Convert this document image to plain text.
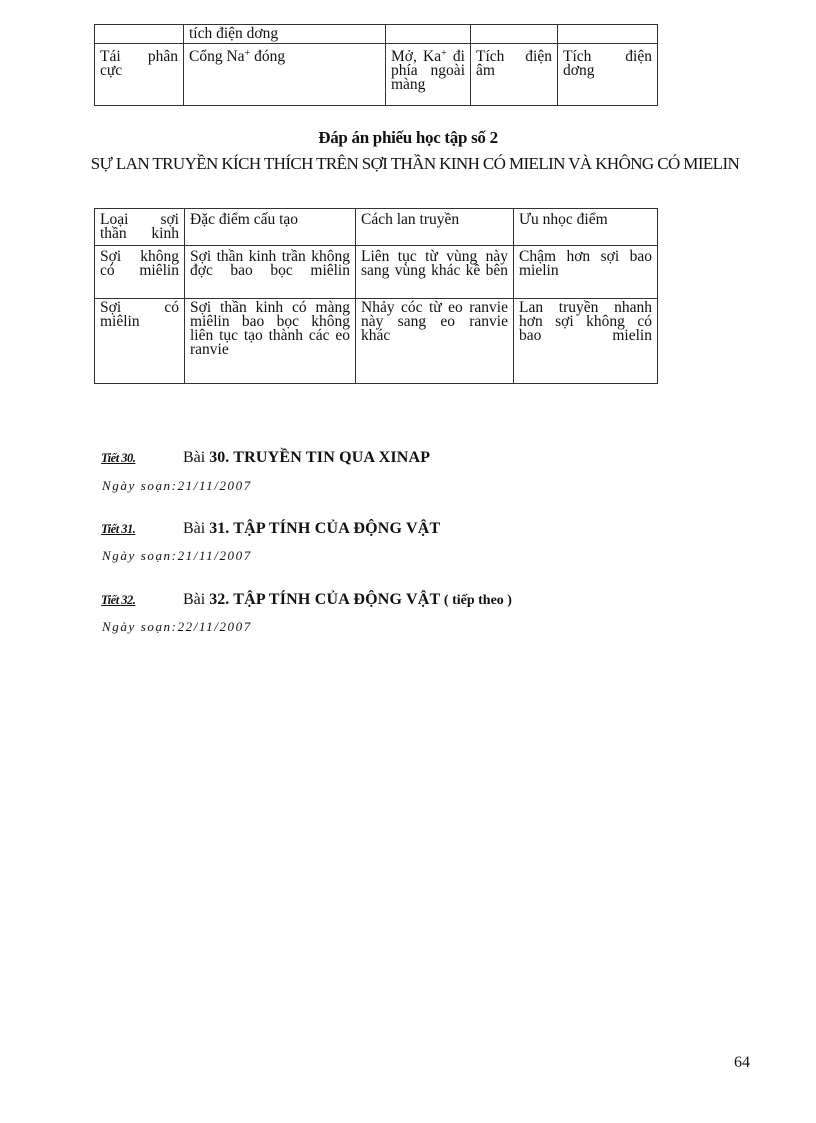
	tích điện dơng			
Tái phân cực	Cổng Na+ đóng	Mở, Ka+ đi phía ngoài màng	Tích điện âm	Tích điện dơng
Đáp án phiếu học tập số 2
SỰ LAN TRUYỀN KÍCH THÍCH TRÊN SỢI THẦN KINH CÓ MIELIN VÀ KHÔNG CÓ MIELIN
Loại sợi thần kinh	Đặc điểm cấu tạo	Cách lan truyền	Ưu nhọc điểm
Sợi không có miêlin	Sợi thần kinh trần không đợc bao bọc miêlin	Liên tục từ vùng này sang vùng khác kề bên	Chậm hơn sợi bao mielin
Sợi có miêlin	Sợi thần kinh có màng miêlin bao bọc không liên tục tạo thành các eo ranvie	Nhảy cóc từ eo ranvie này sang eo ranvie khác	Lan truyền nhanh hơn sợi không có bao mielin
Tiết 30.	Bài 30. TRUYỀN TIN QUA XINAP
Ngày soạn:21/11/2007
Tiết 31.	Bài 31. TẬP TÍNH CỦA ĐỘNG VẬT
Ngày soạn:21/11/2007
Tiết 32.	Bài 32. TẬP TÍNH CỦA ĐỘNG VẬT ( tiếp theo )
Ngày soạn:22/11/2007
64
